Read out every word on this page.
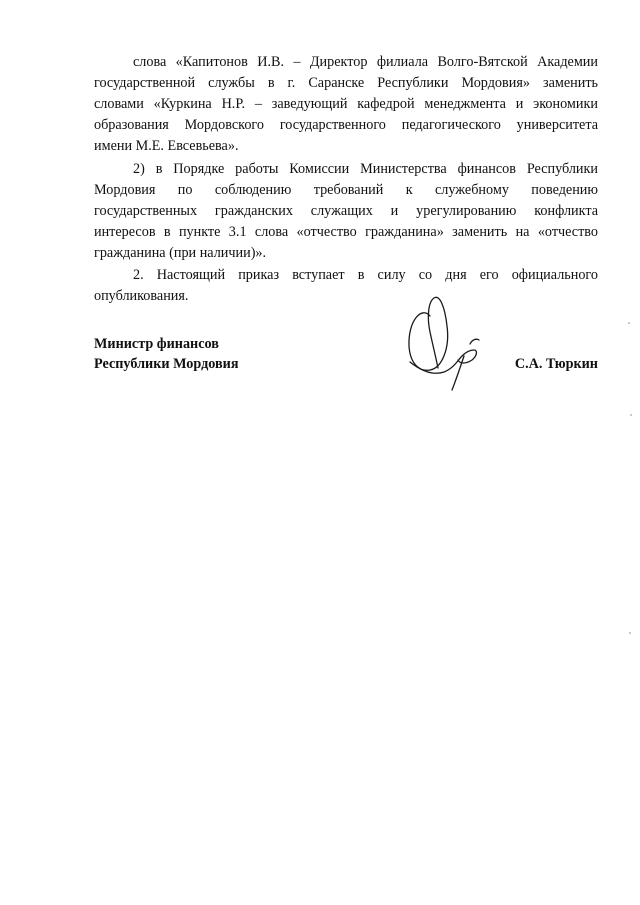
слова «Капитонов И.В. – Директор филиала Волго-Вятской Академии
государственной службы в г. Саранске Республики Мордовия» заменить
словами «Куркина Н.Р. – заведующий кафедрой менеджмента и экономики
образования Мордовского государственного педагогического университета
имени М.Е. Евсевьева».
2) в Порядке работы Комиссии Министерства финансов Республики
Мордовия по соблюдению требований к служебному поведению
государственных гражданских служащих и урегулированию конфликта
интересов в пункте 3.1 слова «отчество гражданина» заменить на «отчество
гражданина (при наличии)».
2. Настоящий приказ вступает в силу со дня его официального
опубликования.
Министр финансов
Республики Мордовия	С.А. Тюркин
